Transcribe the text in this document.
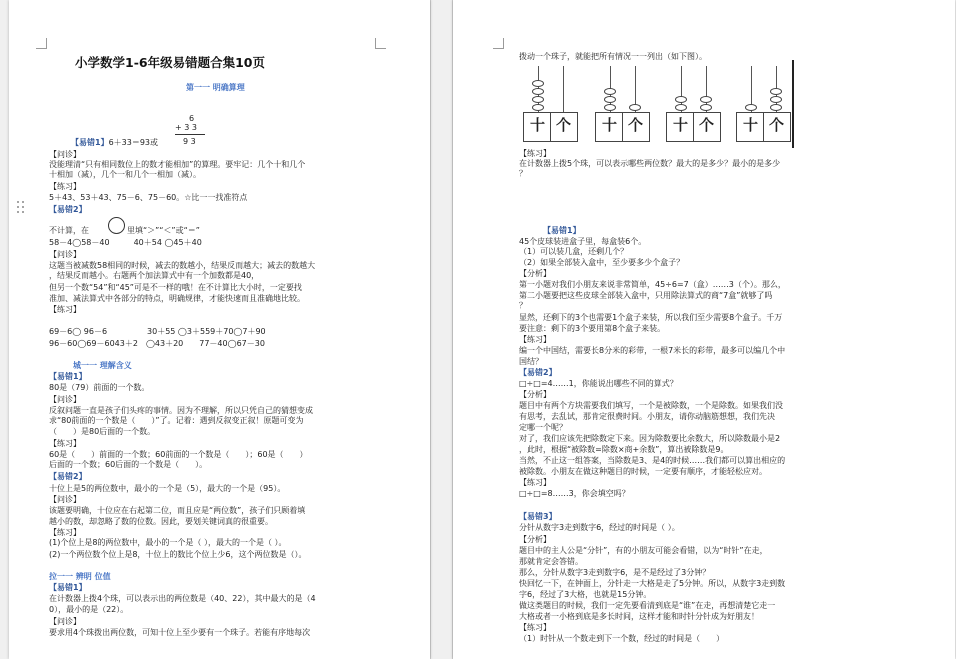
小学数学1-6年级易错题合集10页
第一一 明确算理
6
+ 3 3
9 3
【易错1】6＋33＝93或
【问诊】
没能理清“只有相同数位上的数才能相加”的算理。要牢记：几个十和几个
十相加（减），几个一和几个一相加（减）。
【练习】
5＋43、53＋43、75－6、75－60。☆比一一找准符点
【易错2】
不计算，在	里填“＞”“＜”或“＝”
58－4◯58－40　　　40＋54 ◯45＋40
【问诊】
这题当被减数58相同的时候，减去的数越小，结果反而越大；减去的数越大
，结果反而越小。右题两个加法算式中有一个加数都是40，
但另一个数“54”和“45”可是不一样的哦！在不计算比大小时，一定要找
准加、减法算式中各部分的特点，明确规律，才能快速而且准确地比较。
【练习】
69－6◯ 96－6　　　　　30＋55 ◯3＋559＋70◯7＋90
96－60◯69－6043＋2　◯43＋20　　77－40◯67－30
城一一 理解含义
【易错1】
80是（79）前面的一个数。
【问诊】
反叙问题一直是孩子们头疼的事情。因为不理解，所以只凭自己的猜想变成
求“80前面的一个数是（　　）”了。记着：遇到反叙变正叙！原题可变为
（　　）是80后面的一个数。
【练习】
60是（　　）前面的一个数；60前面的一个数是（　　）；60是（　　）
后面的一个数；60后面的一个数是（　　）。
【易错2】
十位上是5的两位数中，最小的一个是（5），最大的一个是（95）。
【问诊】
该题要明确，十位应在右起第二位，而且应是“两位数”，孩子们只顾着填
越小的数，却忽略了数的位数。因此，要划关键词真的很重要。
【练习】
(1)个位上是8的两位数中，最小的一个是（ ），最大的一个是（ ）。
(2)一个两位数个位上是8，十位上的数比个位上少6，这个两位数是（）。
拉一一 辨明 位值
【易错1】
在计数器上拨4个珠，可以表示出的两位数是（40、22），其中最大的是（4
0），最小的是（22）。
【问诊】
要求用4个珠拨出两位数，可知十位上至少要有一个珠子。若能有序地每次
拨动一个珠子，就能把所有情况一一列出（如下图）。
十 个 十 个 十 个 十 个
【练习】
在计数器上拨5个珠，可以表示哪些两位数？最大的是多少？最小的是多少
？
【易错1】
45个皮球装进盒子里，每盒装6个。
（1）可以装几盒，还剩几个？
（2）如果全部装入盒中，至少要多少个盒子？
【分析】
第一小题对我们小朋友来说非常简单，45÷6=7（盒）……3（个）。那么，
第二小题要把这些皮球全部装入盒中，只用除法算式的商“7盒”就够了吗
？
显然，还剩下的3个也需要1个盒子来装，所以我们至少需要8个盒子。千万
要注意：剩下的3个要用第8个盒子来装。
【练习】
编一个中国结，需要长8分米的彩带，一根7米长的彩带，最多可以编几个中
国结？
【易错2】
□÷□=4……1，你能说出哪些不同的算式？
【分析】
题目中有两个方块需要我们填写，一个是被除数，一个是除数。如果我们没
有思考，去乱试，那肯定很费时间。小朋友，请你动脑筋想想，我们先决
定哪一个呢？
对了，我们应该先把除数定下来。因为除数要比余数大，所以除数最小是2
，此时，根据“被除数=除数×商+余数”，算出被除数是9。
当然，不止这一组答案，当除数是3、是4的时候……我们都可以算出相应的
被除数。小朋友在做这种题目的时候，一定要有顺序，才能轻松应对。
【练习】
□÷□=8……3，你会填空吗？
【易错3】
分针从数字3走到数字6，经过的时间是（ ）。
【分析】
题目中的主人公是“分针”，有的小朋友可能会看错，以为“时针”在走，
那就肯定会答错。
那么，分针从数字3走到数字6，是不是经过了3分钟？
快回忆一下，在钟面上，分针走一大格是走了5分钟。所以，从数字3走到数
字6，经过了3大格，也就是15分钟。
做这类题目的时候，我们一定先要看清到底是“谁”在走，再想清楚它走一
大格或者一小格到底是多长时间，这样才能和时针分针成为好朋友！
【练习】
（1）时针从一个数走到下一个数，经过的时间是（　　）
